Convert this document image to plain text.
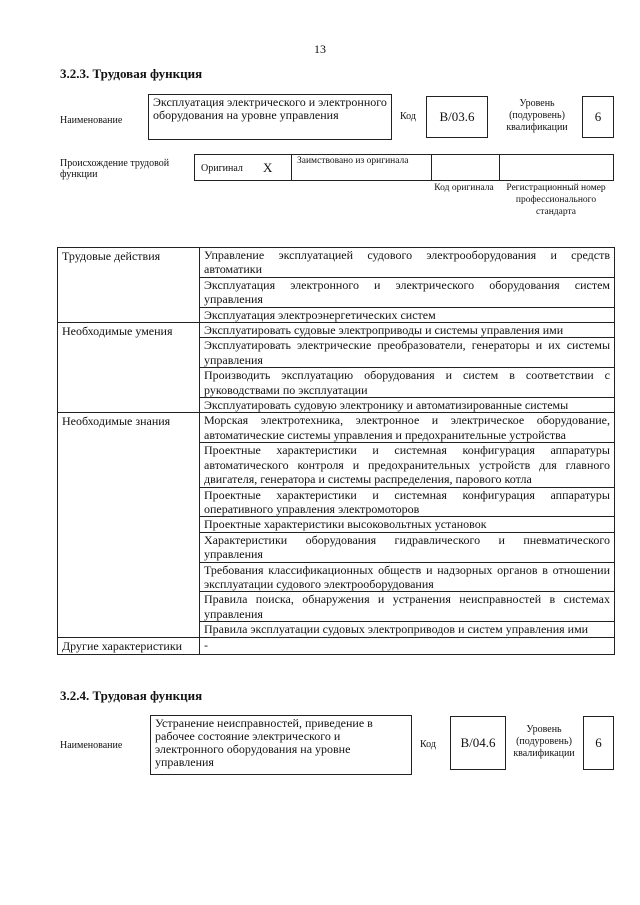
13
3.2.3. Трудовая функция
Наименование
Эксплуатация электрического и электронного оборудования на уровне управления	Код	B/03.6
Уровень (подуровень) квалификации
6
Происхождение трудовой функции
Оригинал X	Заимствовано из оригинала
Код оригинала	Регистрационный номер профессионального стандарта
Трудовые действия	Управление эксплуатацией судового электрооборудования и средств автоматики
	Эксплуатация электронного и электрического оборудования систем управления
	Эксплуатация электроэнергетических систем
Необходимые умения	Эксплуатировать судовые электроприводы и системы управления ими
	Эксплуатировать электрические преобразователи, генераторы и их системы управления
	Производить эксплуатацию оборудования и систем в соответствии с руководствами по эксплуатации
	Эксплуатировать судовую электронику и автоматизированные системы
Необходимые знания	Морская электротехника, электронное и электрическое оборудование, автоматические системы управления и предохранительные устройства
	Проектные характеристики и системная конфигурация аппаратуры автоматического контроля и предохранительных устройств для главного двигателя, генератора и системы распределения, парового котла
	Проектные характеристики и системная конфигурация аппаратуры оперативного управления электромоторов
	Проектные характеристики высоковольтных установок
	Характеристики оборудования гидравлического и пневматического управления
	Требования классификационных обществ и надзорных органов в отношении эксплуатации судового электрооборудования
	Правила поиска, обнаружения и устранения неисправностей в системах управления
	Правила эксплуатации судовых электроприводов и систем управления ими
Другие характеристики	-
3.2.4. Трудовая функция
Наименование
Устранение неисправностей, приведение в рабочее состояние электрического и электронного оборудования на уровне управления
Код	B/04.6
Уровень (подуровень) квалификации
6
